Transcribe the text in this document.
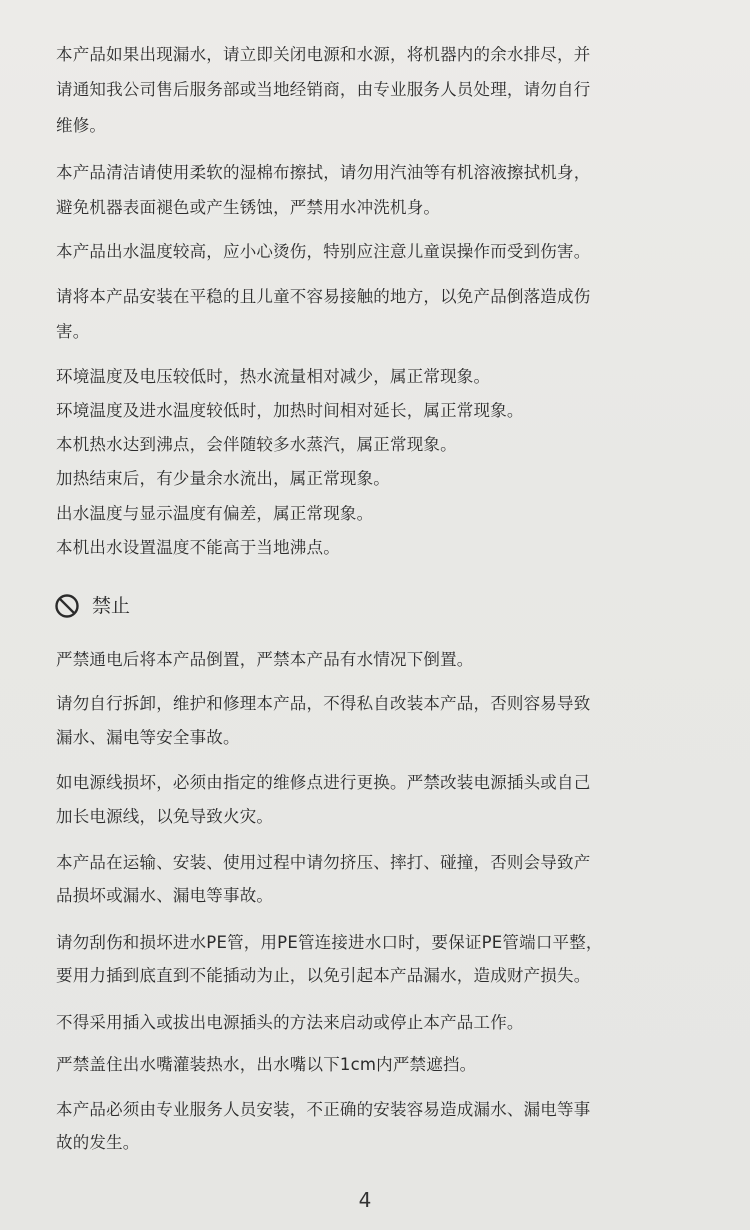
本产品如果出现漏水，请立即关闭电源和水源，将机器内的余水排尽，并
请通知我公司售后服务部或当地经销商，由专业服务人员处理，请勿自行
维修。
本产品清洁请使用柔软的湿棉布擦拭，请勿用汽油等有机溶液擦拭机身，
避免机器表面褪色或产生锈蚀，严禁用水冲洗机身。
本产品出水温度较高，应小心烫伤，特别应注意儿童误操作而受到伤害。
请将本产品安装在平稳的且儿童不容易接触的地方，以免产品倒落造成伤
害。
环境温度及电压较低时，热水流量相对减少，属正常现象。
环境温度及进水温度较低时，加热时间相对延长，属正常现象。
本机热水达到沸点，会伴随较多水蒸汽，属正常现象。
加热结束后，有少量余水流出，属正常现象。
出水温度与显示温度有偏差，属正常现象。
本机出水设置温度不能高于当地沸点。
禁止
严禁通电后将本产品倒置，严禁本产品有水情况下倒置。
请勿自行拆卸，维护和修理本产品，不得私自改装本产品，否则容易导致
漏水、漏电等安全事故。
如电源线损坏，必须由指定的维修点进行更换。严禁改装电源插头或自己
加长电源线，以免导致火灾。
本产品在运输、安装、使用过程中请勿挤压、摔打、碰撞，否则会导致产
品损坏或漏水、漏电等事故。
请勿刮伤和损坏进水PE管，用PE管连接进水口时，要保证PE管端口平整，
要用力插到底直到不能插动为止，以免引起本产品漏水，造成财产损失。
不得采用插入或拔出电源插头的方法来启动或停止本产品工作。
严禁盖住出水嘴灌装热水，出水嘴以下1cm内严禁遮挡。
本产品必须由专业服务人员安装，不正确的安装容易造成漏水、漏电等事
故的发生。
4
